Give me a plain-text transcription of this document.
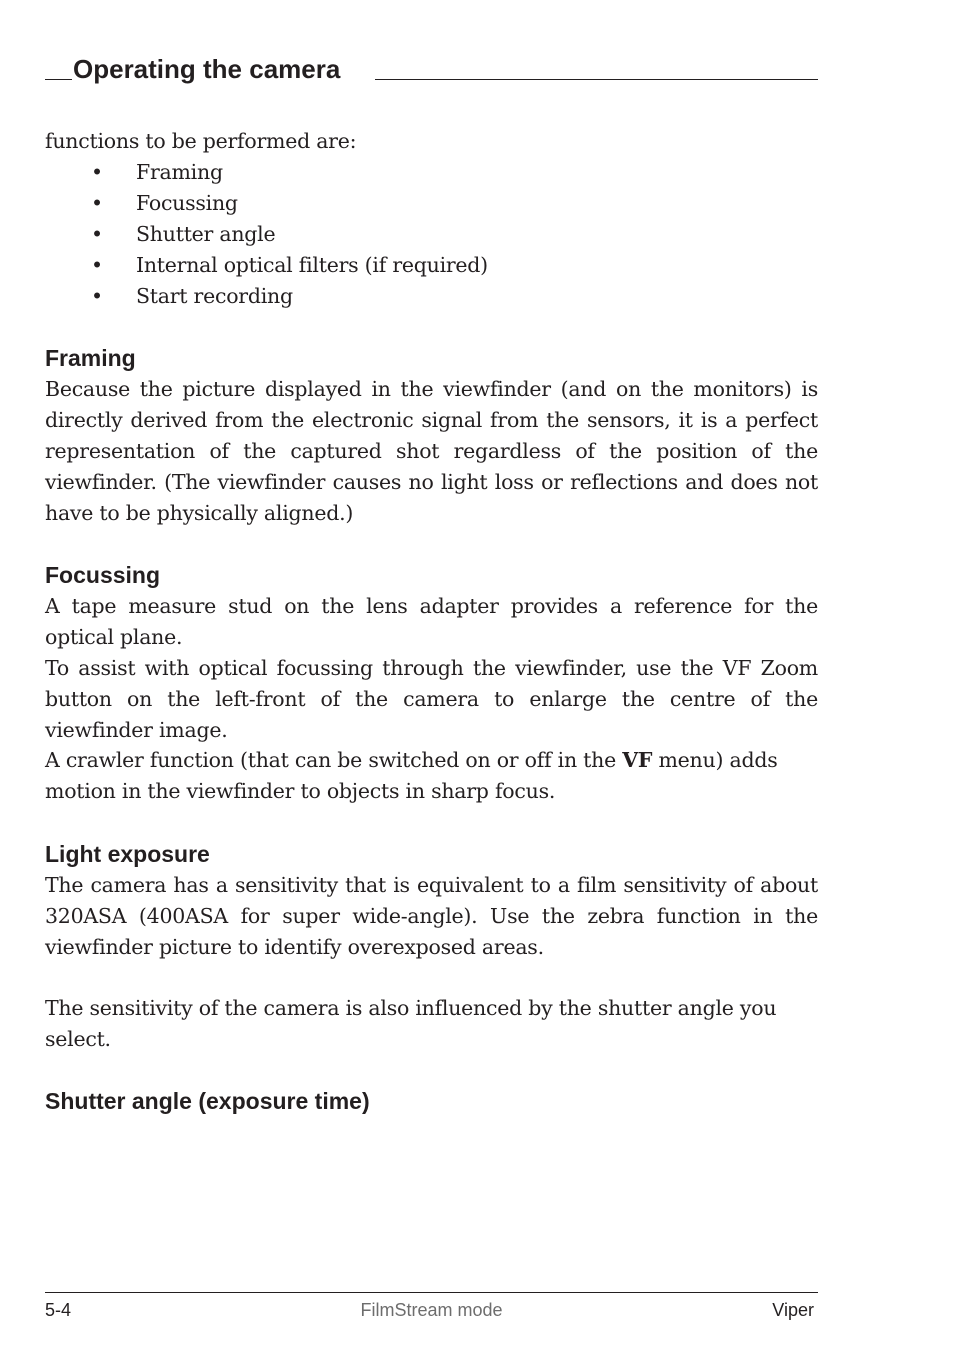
Operating the camera

functions to be performed are:

• Framing
• Focussing
• Shutter angle
• Internal optical filters (if required)
• Start recording
Framing

Because the picture displayed in the viewfinder (and on the monitors) is directly derived from the electronic signal from the sensors, it is a perfect representation of the captured shot regardless of the position of the viewfinder. (The viewfinder causes no light loss or reflections and does not have to be physically aligned.)

Focussing

A tape measure stud on the lens adapter provides a reference for the optical plane.

To assist with optical focussing through the viewfinder, use the VF Zoom button on the left-front of the camera to enlarge the centre of the viewfinder image.

A crawler function (that can be switched on or off in the VF menu) adds motion in the viewfinder to objects in sharp focus.

Light exposure

The camera has a sensitivity that is equivalent to a film sensitivity of about 320ASA (400ASA for super wide-angle). Use the zebra function in the viewfinder picture to identify overexposed areas.

The sensitivity of the camera is also influenced by the shutter angle you select.

Shutter angle (exposure time)
5-4	FilmStream mode	Viper
